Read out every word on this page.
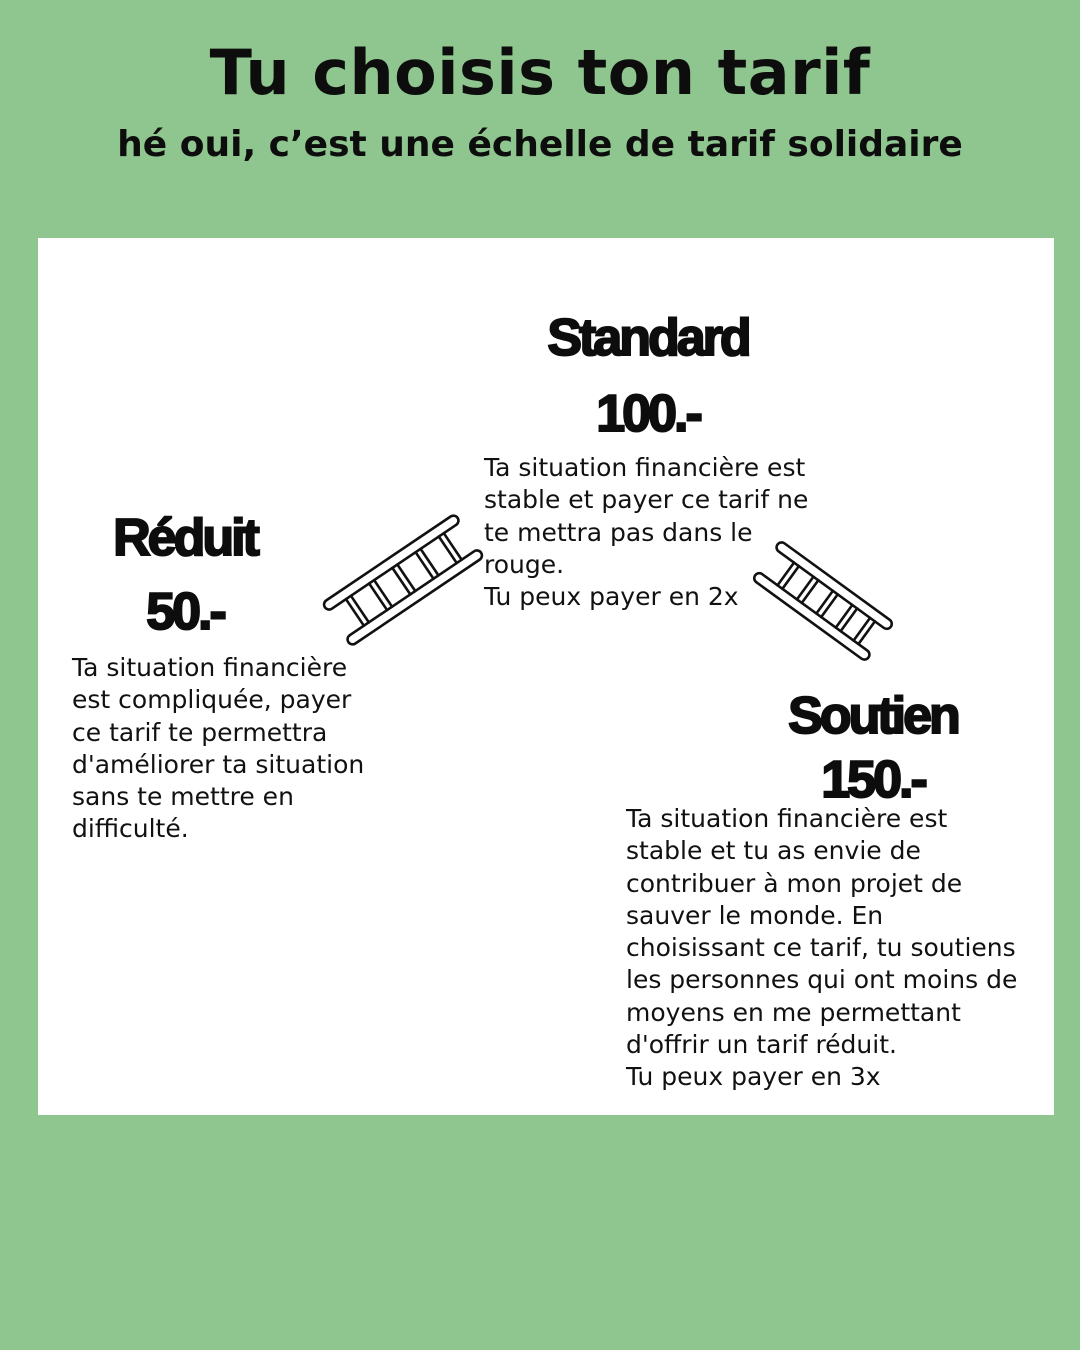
Tu choisis ton tarif
hé oui, c’est une échelle de tarif solidaire

Réduit

50.-

Ta situation financière
est compliquée, payer
ce tarif te permettra
d'améliorer ta situation
sans te mettre en
difficulté.

Standard

100.-

Ta situation financière est
stable et payer ce tarif ne
te mettra pas dans le
rouge.
Tu peux payer en 2x

Soutien

150.-

Ta situation financière est
stable et tu as envie de
contribuer à mon projet de
sauver le monde. En
choisissant ce tarif, tu soutiens
les personnes qui ont moins de
moyens en me permettant
d'offrir un tarif réduit.
Tu peux payer en 3x
